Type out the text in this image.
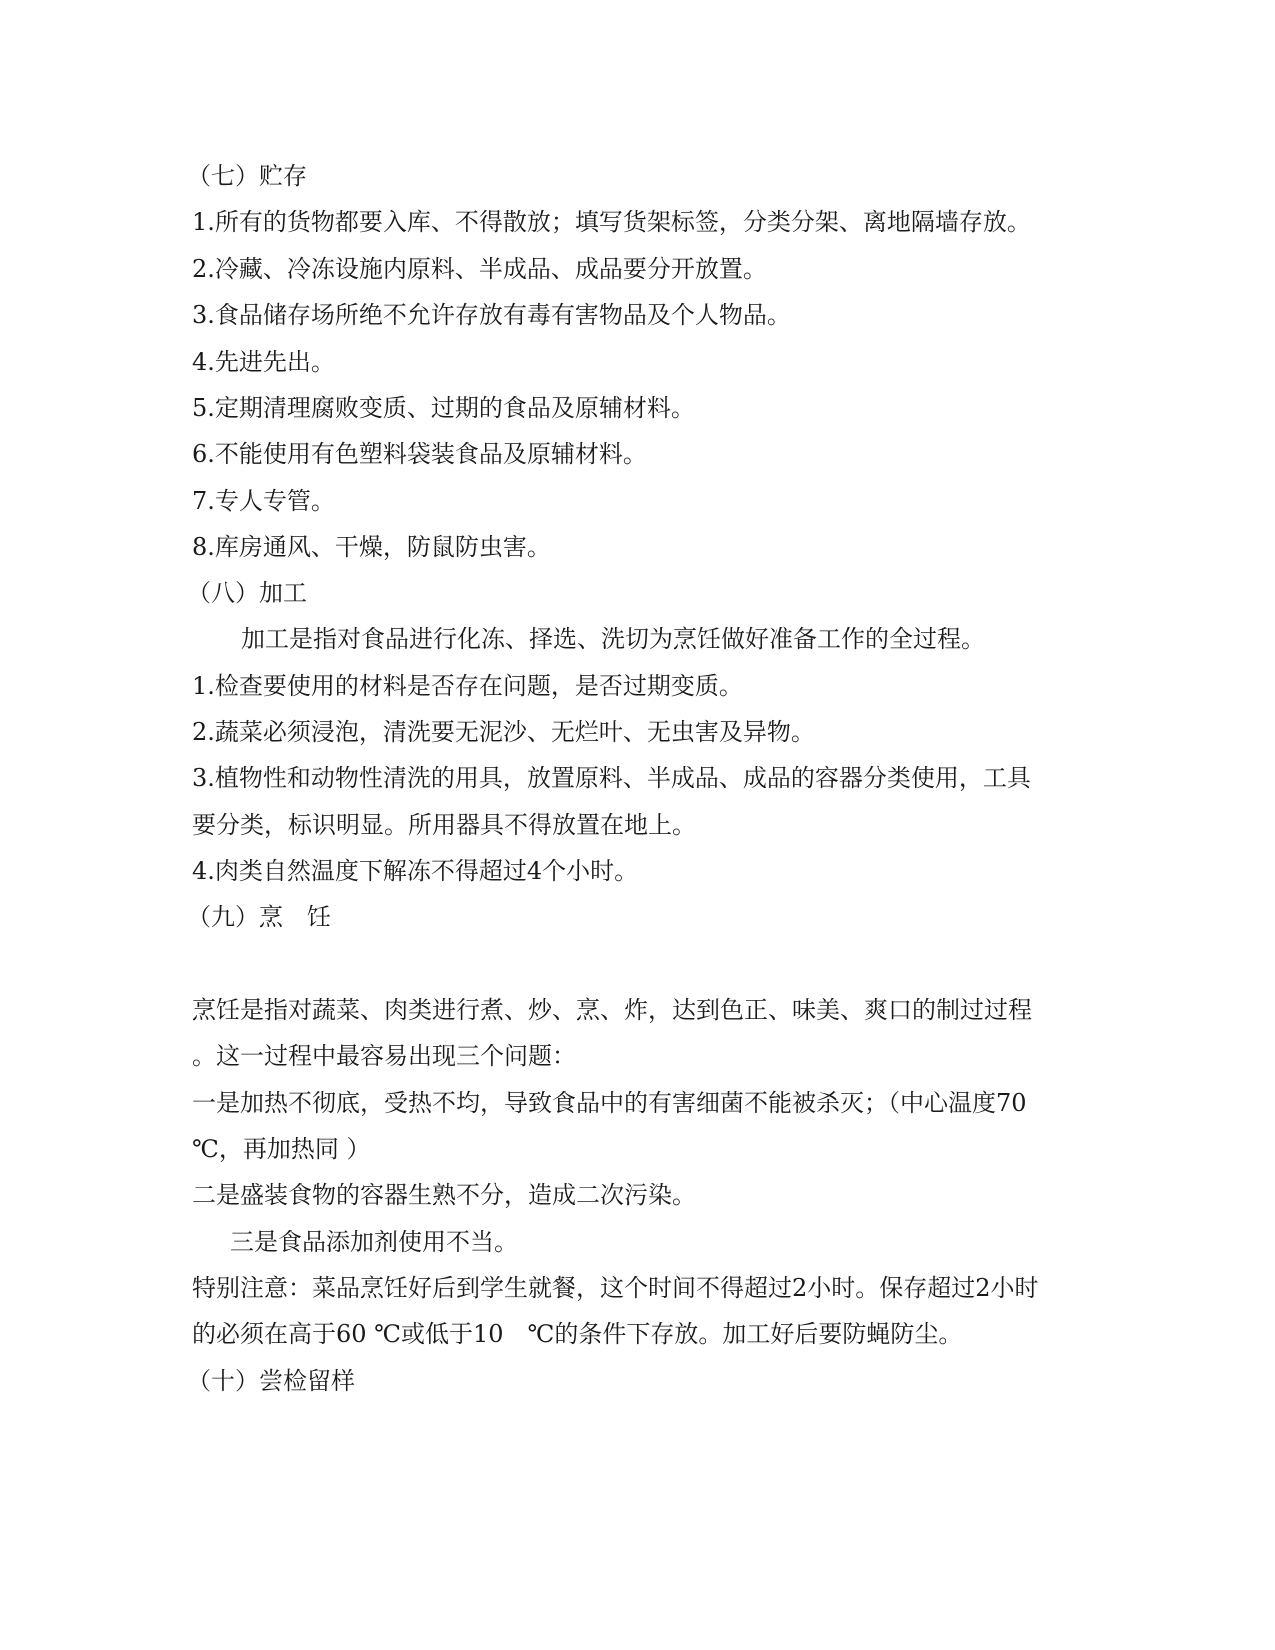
（七）贮存
1.所有的货物都要入库、不得散放；填写货架标签，分类分架、离地隔墙存放。
2.冷藏、冷冻设施内原料、半成品、成品要分开放置。
3.食品储存场所绝不允许存放有毒有害物品及个人物品。
4.先进先出。
5.定期清理腐败变质、过期的食品及原辅材料。
6.不能使用有色塑料袋装食品及原辅材料。
7.专人专管。
8.库房通风、干燥，防鼠防虫害。
（八）加工
加工是指对食品进行化冻、择选、洗切为烹饪做好准备工作的全过程。
1.检查要使用的材料是否存在问题，是否过期变质。
2.蔬菜必须浸泡，清洗要无泥沙、无烂叶、无虫害及异物。
3.植物性和动物性清洗的用具，放置原料、半成品、成品的容器分类使用，工具
要分类，标识明显。所用器具不得放置在地上。
4.肉类自然温度下解冻不得超过4个小时。
（九）烹　饪
烹饪是指对蔬菜、肉类进行煮、炒、烹、炸，达到色正、味美、爽口的制过过程
。这一过程中最容易出现三个问题：
一是加热不彻底，受热不均，导致食品中的有害细菌不能被杀灭；（中心温度70
℃，再加热同 ）
二是盛装食物的容器生熟不分，造成二次污染。
三是食品添加剂使用不当。
特别注意：菜品烹饪好后到学生就餐，这个时间不得超过2小时。保存超过2小时
的必须在高于60 ℃或低于10　℃的条件下存放。加工好后要防蝇防尘。
（十）尝检留样
